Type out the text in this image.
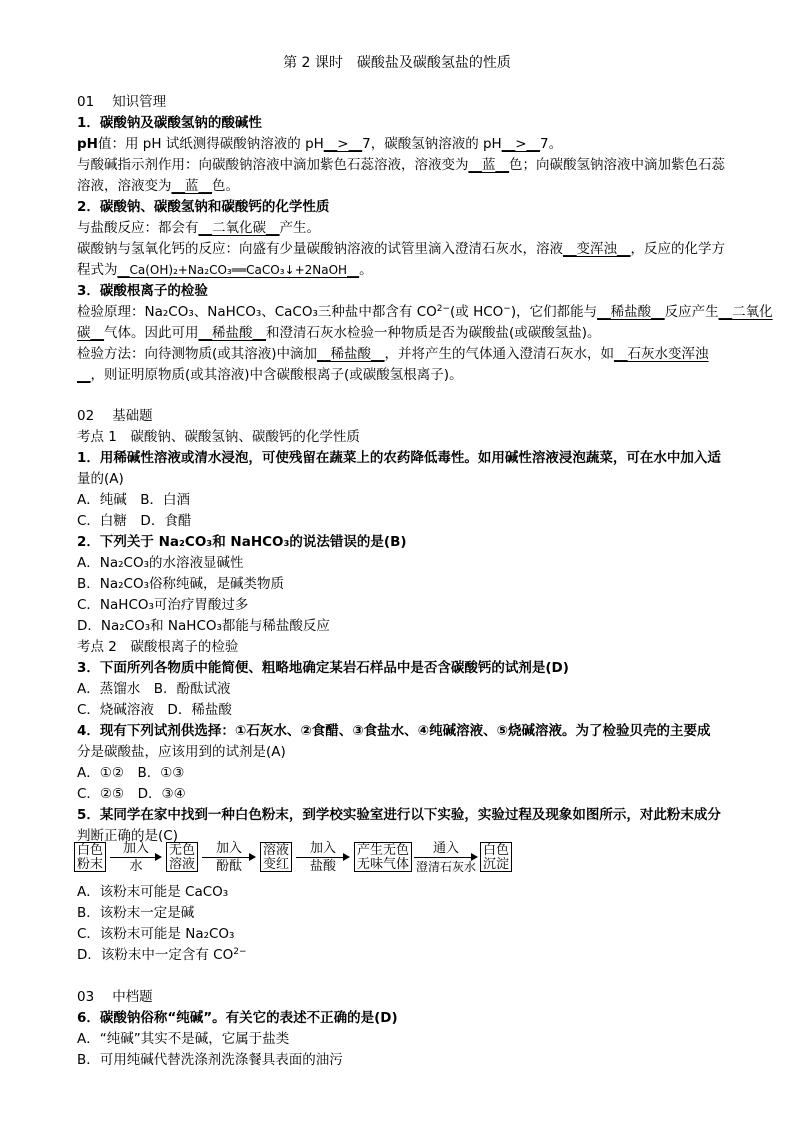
第 2 课时　碳酸盐及碳酸氢盐的性质
01 知识管理
1．碳酸钠及碳酸氢钠的酸碱性
pH值：用 pH 试纸测得碳酸钠溶液的 pH__>__7，碳酸氢钠溶液的 pH__>__7。
与酸碱指示剂作用：向碳酸钠溶液中滴加紫色石蕊溶液，溶液变为__蓝__色；向碳酸氢钠溶液中滴加紫色石蕊
溶液，溶液变为__蓝__色。
2．碳酸钠、碳酸氢钠和碳酸钙的化学性质
与盐酸反应：都会有__二氧化碳__产生。
碳酸钠与氢氧化钙的反应：向盛有少量碳酸钠溶液的试管里滴入澄清石灰水，溶液__变浑浊__，反应的化学方
程式为__Ca(OH)₂+Na₂CO₃══CaCO₃↓+2NaOH__。
3．碳酸根离子的检验
检验原理：Na₂CO₃、NaHCO₃、CaCO₃三种盐中都含有 $CO^{2-}$(或 HCO−)，它们都能与__稀盐酸__反应产生__二氧化
碳__气体。因此可用__稀盐酸__和澄清石灰水检验一种物质是否为碳酸盐(或碳酸氢盐)。
检验方法：向待测物质(或其溶液)中滴加__稀盐酸__，并将产生的气体通入澄清石灰水，如__石灰水变浑浊
__，则证明原物质(或其溶液)中含碳酸根离子(或碳酸氢根离子)。
02 基础题
考点 1　碳酸钠、碳酸氢钠、碳酸钙的化学性质
1．用稀碱性溶液或清水浸泡，可使残留在蔬菜上的农药降低毒性。如用碱性溶液浸泡蔬菜，可在水中加入适
量的(A)
A．纯碱　B．白酒
C．白糖　D．食醋
2．下列关于 Na₂CO₃和 NaHCO₃的说法错误的是(B)
A．Na₂CO₃的水溶液显碱性
B．Na₂CO₃俗称纯碱，是碱类物质
C．NaHCO₃可治疗胃酸过多
D．Na₂CO₃和 NaHCO₃都能与稀盐酸反应
考点 2　碳酸根离子的检验
3．下面所列各物质中能简便、粗略地确定某岩石样品中是否含碳酸钙的试剂是(D)
A．蒸馏水　B．酚酞试液
C．烧碱溶液　D．稀盐酸
4．现有下列试剂供选择：①石灰水、②食醋、③食盐水、④纯碱溶液、⑤烧碱溶液。为了检验贝壳的主要成
分是碳酸盐，应该用到的试剂是(A)
A．①②　B．①③
C．②⑤　D．③④
5．某同学在家中找到一种白色粉末，到学校实验室进行以下实验，实验过程及现象如图所示，对此粉末成分
判断正确的是(C)
白色
粉末
加入
水
无色
溶液
加入
酚酞
溶液
变红
加入
盐酸
产生无色
无味气体
通入
澄清石灰水
白色
沉淀
A．该粉末可能是 CaCO₃
B．该粉末一定是碱
C．该粉末可能是 Na₂CO₃
D．该粉末中一定含有 $CO^{2-}$
03 中档题
6．碳酸钠俗称“纯碱”。有关它的表述不正确的是(D)
A．“纯碱”其实不是碱，它属于盐类
B．可用纯碱代替洗涤剂洗涤餐具表面的油污
